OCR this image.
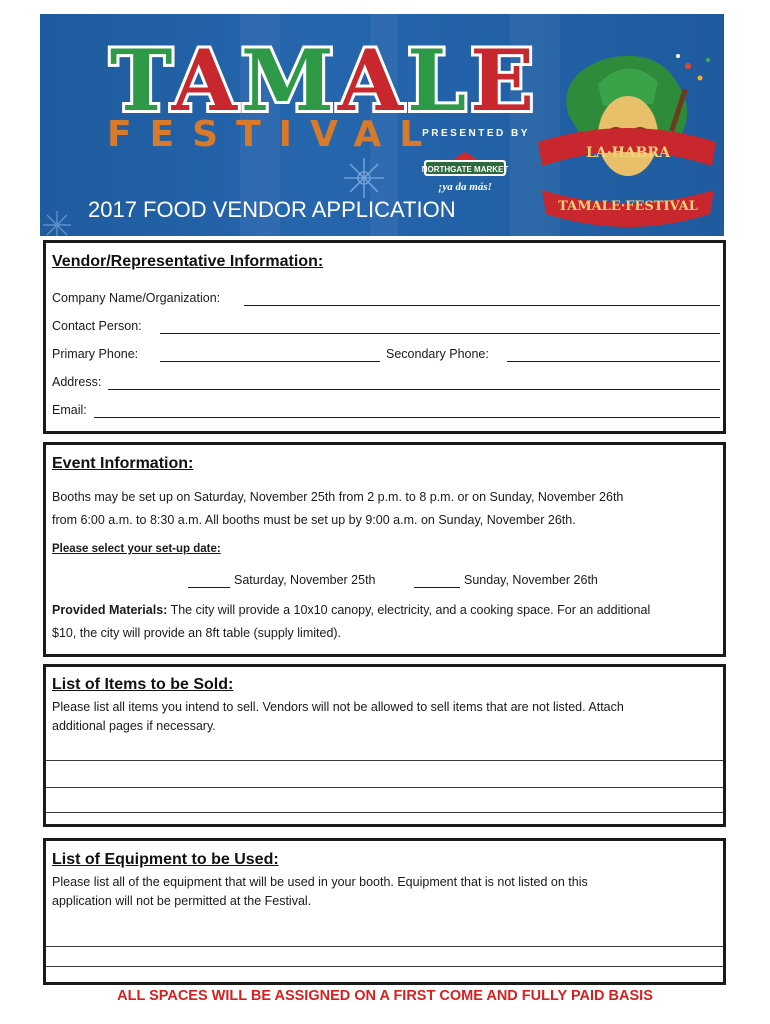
TAMALE
FESTIVAL
PRESENTED BY
NORTHGATE MARKET
¡ya da más!
LA·HABRA
TAMALE·FESTIVAL
2017 FOOD VENDOR APPLICATION
Vendor/Representative Information:
Company Name/Organization:
Contact Person:
Primary Phone:	Secondary Phone:
Address:
Email:
Event Information:
Booths may be set up on Saturday, November 25th from 2 p.m. to 8 p.m. or on Sunday, November 26th
from 6:00 a.m. to 8:30 a.m. All booths must be set up by 9:00 a.m. on Sunday, November 26th.
Please select your set-up date:
Saturday, November 25th	Sunday, November 26th
Provided Materials: The city will provide a 10x10 canopy, electricity, and a cooking space. For an additional
$10, the city will provide an 8ft table (supply limited).
List of Items to be Sold:
Please list all items you intend to sell. Vendors will not be allowed to sell items that are not listed. Attach
additional pages if necessary.
List of Equipment to be Used:
Please list all of the equipment that will be used in your booth. Equipment that is not listed on this
application will not be permitted at the Festival.
ALL SPACES WILL BE ASSIGNED ON A FIRST COME AND FULLY PAID BASIS
